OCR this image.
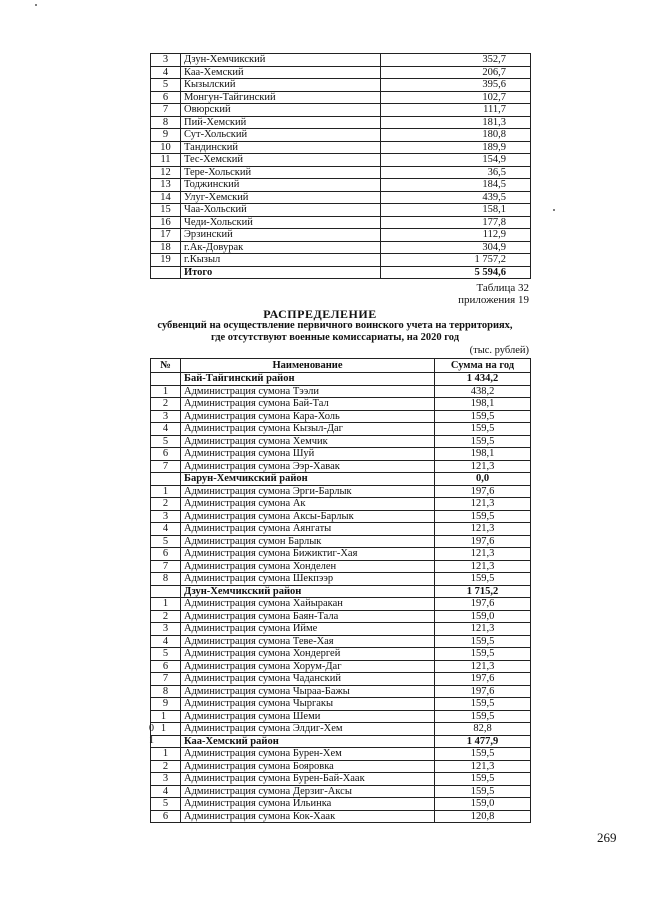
3	Дзун-Хемчикский	352,7
4	Каа-Хемский	206,7
5	Кызылский	395,6
6	Монгун-Тайгинский	102,7
7	Овюрский	111,7
8	Пий-Хемский	181,3
9	Сут-Хольский	180,8
10	Тандинский	189,9
11	Тес-Хемский	154,9
12	Тере-Хольский	36,5
13	Тоджинский	184,5
14	Улуг-Хемский	439,5
15	Чаа-Хольский	158,1
16	Чеди-Хольский	177,8
17	Эрзинский	112,9
18	г.Ак-Довурак	304,9
19	г.Кызыл	1 757,2
	Итого	5 594,6
Таблица 32
приложения 19
РАСПРЕДЕЛЕНИЕ
субвенций на осуществление первичного воинского учета на территориях,
где отсутствуют военные комиссариаты, на 2020 год
(тыс. рублей)
№	Наименование	Сумма на год
	Бай-Тайгинский район	1 434,2
1	Администрация сумона Тээли	438,2
2	Администрация сумона Бай-Тал	198,1
3	Администрация сумона Кара-Холь	159,5
4	Администрация сумона Кызыл-Даг	159,5
5	Администрация сумона Хемчик	159,5
6	Администрация сумона Шуй	198,1
7	Администрация сумона Ээр-Хавак	121,3
	Барун-Хемчикский район	0,0
1	Администрация сумона Эрги-Барлык	197,6
2	Администрация сумона Ак	121,3
3	Администрация сумона Аксы-Барлык	159,5
4	Администрация сумона Аянгаты	121,3
5	Администрация сумон Барлык	197,6
6	Администрация сумона Бижиктиг-Хая	121,3
7	Администрация сумона Хонделен	121,3
8	Администрация сумона Шекпээр	159,5
	Дзун-Хемчикский район	1 715,2
1	Администрация сумона Хайыракан	197,6
2	Администрация сумона Баян-Тала	159,0
3	Администрация сумона Ийме	121,3
4	Администрация сумона Теве-Хая	159,5
5	Администрация сумона Хондергей	159,5
6	Администрация сумона Хорум-Даг	121,3
7	Администрация сумона Чаданский	197,6
8	Администрация сумона Чыраа-Бажы	197,6
9	Администрация сумона Чыргакы	159,5

1
0	Администрация сумона Шеми	159,5

1
1	Администрация сумона Элдиг-Хем	82,8
	Каа-Хемский район	1 477,9
1	Администрация сумона Бурен-Хем	159,5
2	Администрация сумона Бояровка	121,3
3	Администрация сумона Бурен-Бай-Хаак	159,5
4	Администрация сумона Дерзиг-Аксы	159,5
5	Администрация сумона Ильинка	159,0
6	Администрация сумона Кок-Хаак	120,8
269
